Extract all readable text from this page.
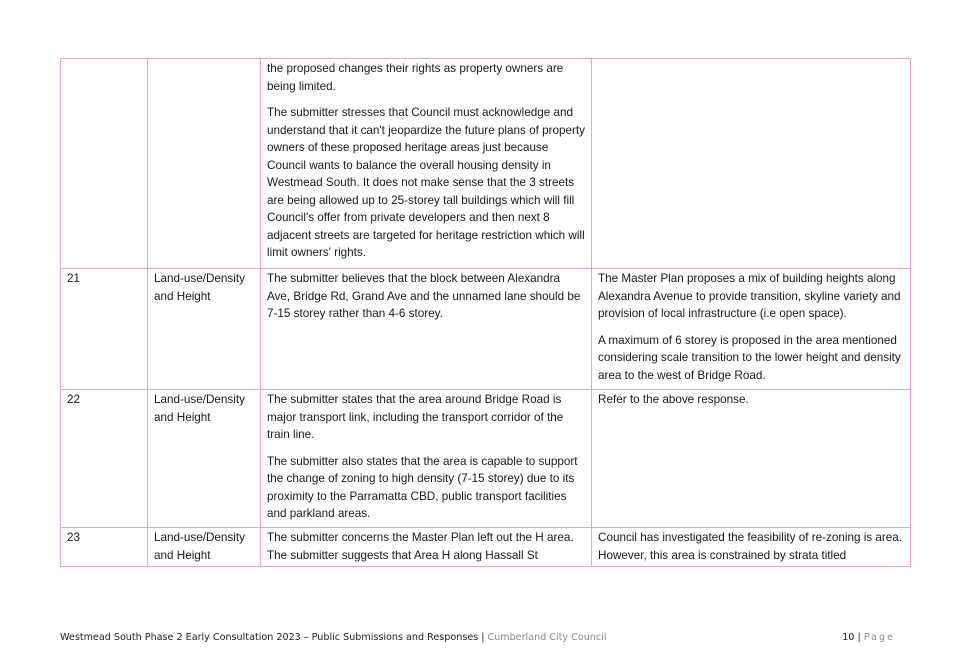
		the proposed changes their rights as property owners are being limited.

The submitter stresses that Council must acknowledge and understand that it can't jeopardize the future plans of property owners of these proposed heritage areas just because Council wants to balance the overall housing density in Westmead South. It does not make sense that the 3 streets are being allowed up to 25-storey tall buildings which will fill Council's offer from private developers and then next 8 adjacent streets are targeted for heritage restriction which will limit owners' rights.	

21	Land-use/Density and Height	The submitter believes that the block between Alexandra Ave, Bridge Rd, Grand Ave and the unnamed lane should be 7-15 storey rather than 4-6 storey.	The Master Plan proposes a mix of building heights along Alexandra Avenue to provide transition, skyline variety and provision of local infrastructure (i.e open space).

A maximum of 6 storey is proposed in the area mentioned considering scale transition to the lower height and density area to the west of Bridge Road.

22	Land-use/Density and Height	The submitter states that the area around Bridge Road is major transport link, including the transport corridor of the train line.

The submitter also states that the area is capable to support the change of zoning to high density (7-15 storey) due to its proximity to the Parramatta CBD, public transport facilities and parkland areas.	Refer to the above response.

23	Land-use/Density and Height	The submitter concerns the Master Plan left out the H area. The submitter suggests that Area H along Hassall St	Council has investigated the feasibility of re-zoning is area. However, this area is constrained by strata titled

Westmead South Phase 2 Early Consultation 2023 – Public Submissions and Responses | Cumberland City Council	10 | Page
